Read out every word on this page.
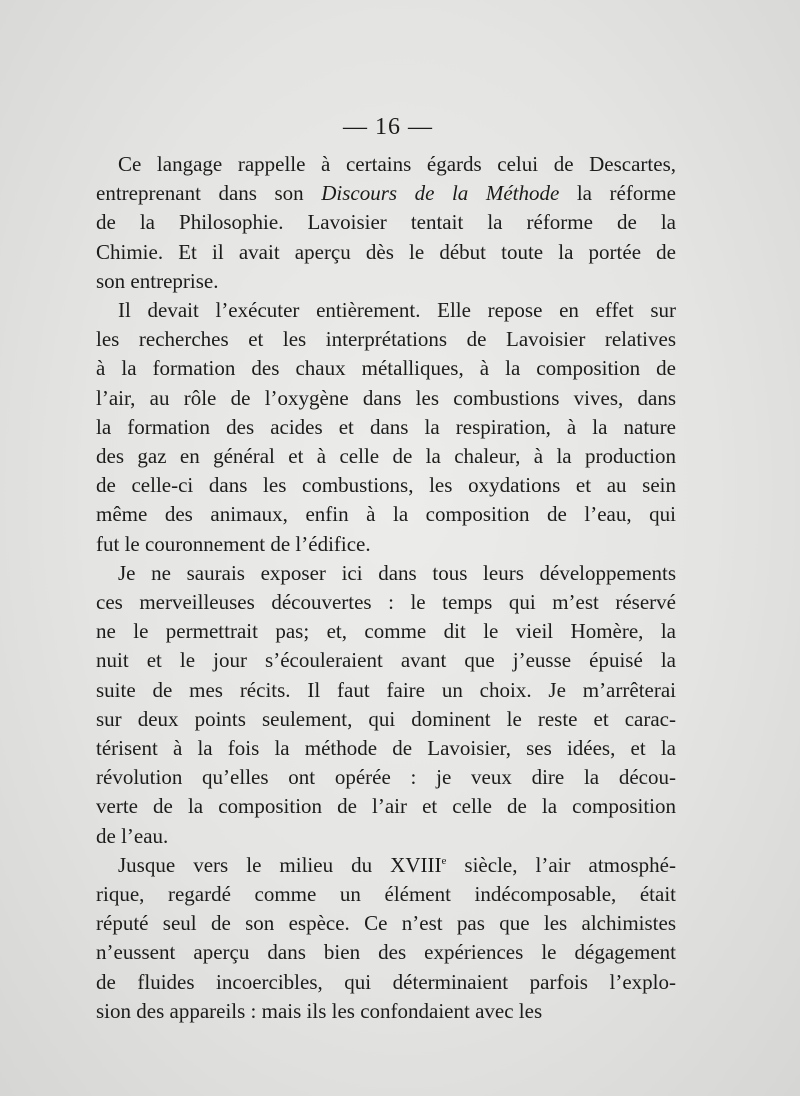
— 16 —

Ce langage rappelle à certains égards celui de Descartes,
entreprenant dans son Discours de la Méthode la réforme
de la Philosophie. Lavoisier tentait la réforme de la
Chimie. Et il avait aperçu dès le début toute la portée de
son entreprise.

Il devait l’exécuter entièrement. Elle repose en effet sur
les recherches et les interprétations de Lavoisier relatives
à la formation des chaux métalliques, à la composition de
l’air, au rôle de l’oxygène dans les combustions vives, dans
la formation des acides et dans la respiration, à la nature
des gaz en général et à celle de la chaleur, à la production
de celle-ci dans les combustions, les oxydations et au sein
même des animaux, enfin à la composition de l’eau, qui
fut le couronnement de l’édifice.

Je ne saurais exposer ici dans tous leurs développements
ces merveilleuses découvertes : le temps qui m’est réservé
ne le permettrait pas; et, comme dit le vieil Homère, la
nuit et le jour s’écouleraient avant que j’eusse épuisé la
suite de mes récits. Il faut faire un choix. Je m’arrêterai
sur deux points seulement, qui dominent le reste et carac-
térisent à la fois la méthode de Lavoisier, ses idées, et la
révolution qu’elles ont opérée : je veux dire la décou-
verte de la composition de l’air et celle de la composition
de l’eau.

Jusque vers le milieu du XVIIIe siècle, l’air atmosphé-
rique, regardé comme un élément indécomposable, était
réputé seul de son espèce. Ce n’est pas que les alchimistes
n’eussent aperçu dans bien des expériences le dégagement
de fluides incoercibles, qui déterminaient parfois l’explo-
sion des appareils : mais ils les confondaient avec les
